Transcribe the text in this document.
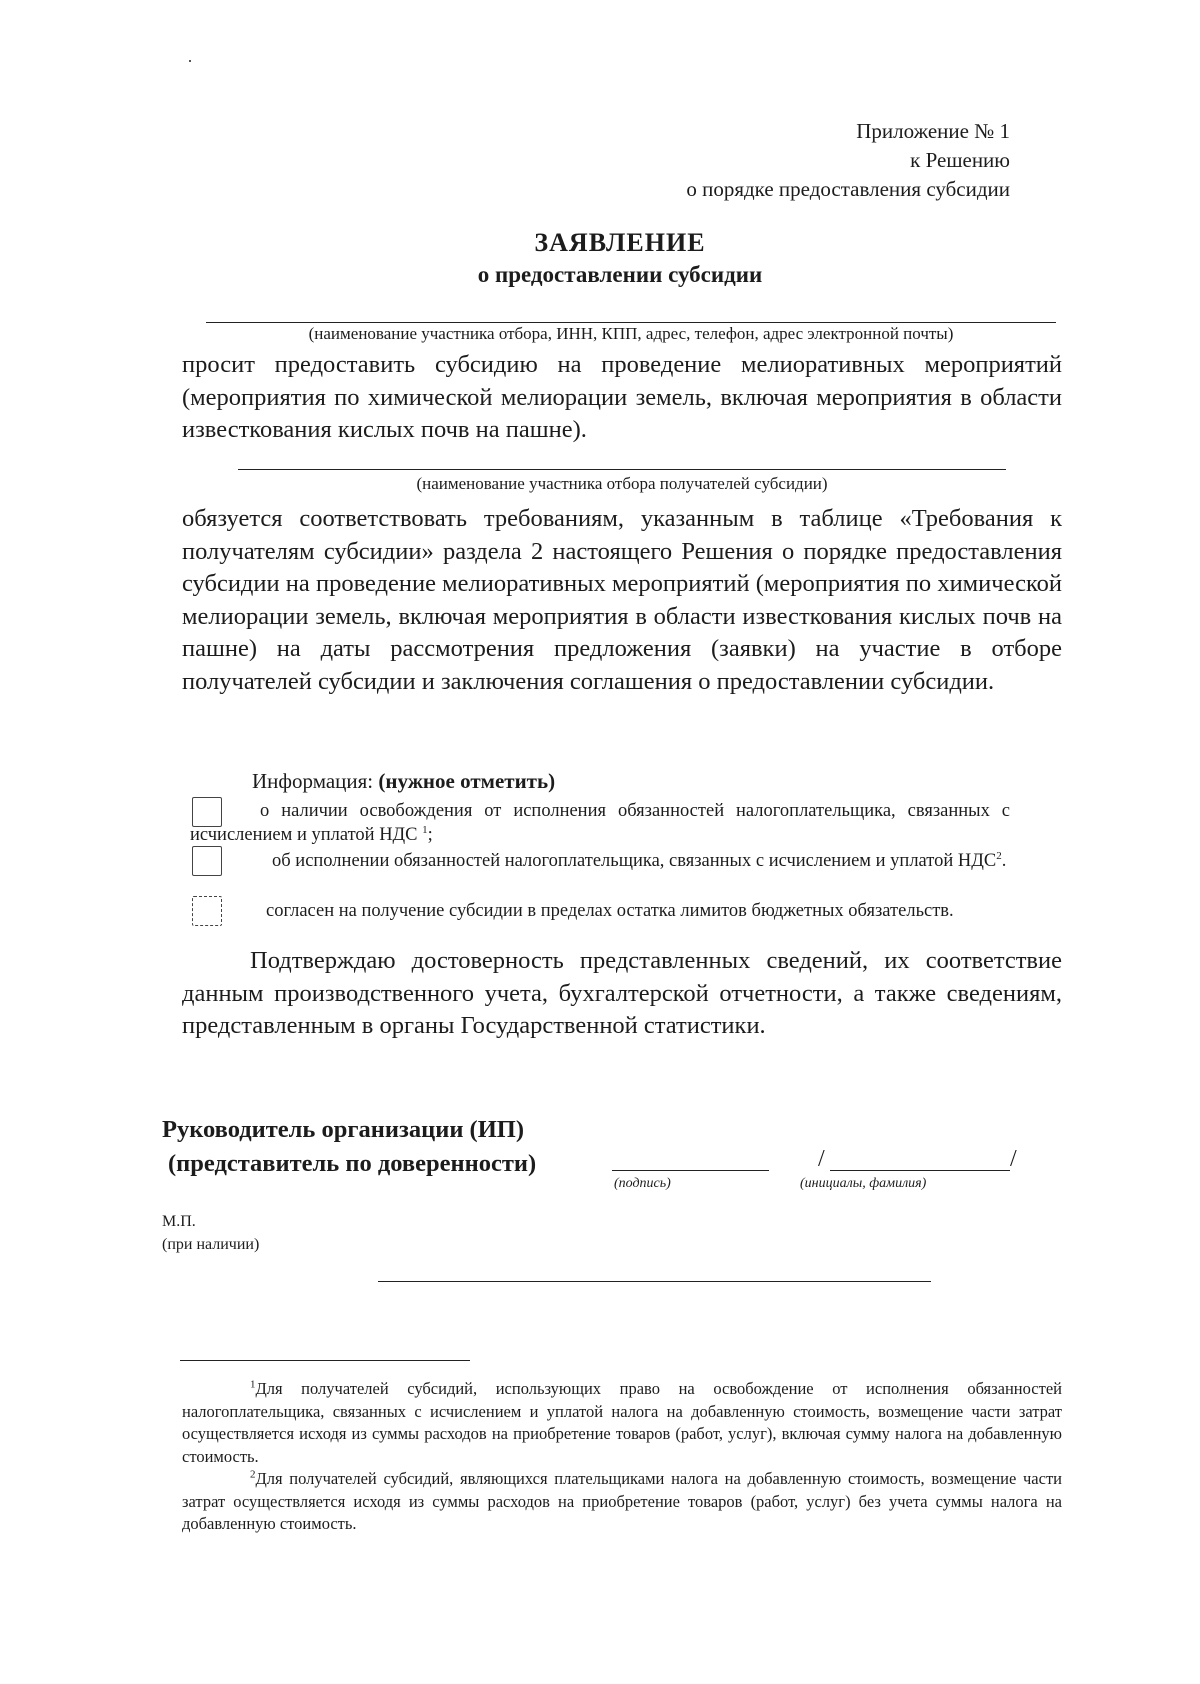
Приложение № 1
к Решению
о порядке предоставления субсидии
ЗАЯВЛЕНИЕ
о предоставлении субсидии
(наименование участника отбора, ИНН, КПП, адрес, телефон, адрес электронной почты)
просит предоставить субсидию на проведение мелиоративных мероприятий (мероприятия по химической мелиорации земель, включая мероприятия в области известкования кислых почв на пашне).
(наименование участника отбора получателей субсидии)
обязуется соответствовать требованиям, указанным в таблице «Требования к получателям субсидии» раздела 2 настоящего Решения о порядке предоставления субсидии на проведение мелиоративных мероприятий (мероприятия по химической мелиорации земель, включая мероприятия в области известкования кислых почв на пашне) на даты рассмотрения предложения (заявки) на участие в отборе получателей субсидии и заключения соглашения о предоставлении субсидии.
Информация: (нужное отметить)
о наличии освобождения от исполнения обязанностей налогоплательщика, связанных с исчислением и уплатой НДС $^1$;
об исполнении обязанностей налогоплательщика, связанных с исчислением и уплатой НДС$^2$.
согласен на получение субсидии в пределах остатка лимитов бюджетных обязательств.
Подтверждаю достоверность представленных сведений, их соответствие данным производственного учета, бухгалтерской отчетности, а также сведениям, представленным в органы Государственной статистики.
Руководитель организации (ИП)
(представитель по доверенности)
(подпись)
/	/
(инициалы, фамилия)
М.П.
(при наличии)
$^1$Для получателей субсидий, использующих право на освобождение от исполнения обязанностей налогоплательщика, связанных с исчислением и уплатой налога на добавленную стоимость, возмещение части затрат осуществляется исходя из суммы расходов на приобретение товаров (работ, услуг), включая сумму налога на добавленную стоимость.
$^2$Для получателей субсидий, являющихся плательщиками налога на добавленную стоимость, возмещение части затрат осуществляется исходя из суммы расходов на приобретение товаров (работ, услуг) без учета суммы налога на добавленную стоимость.
